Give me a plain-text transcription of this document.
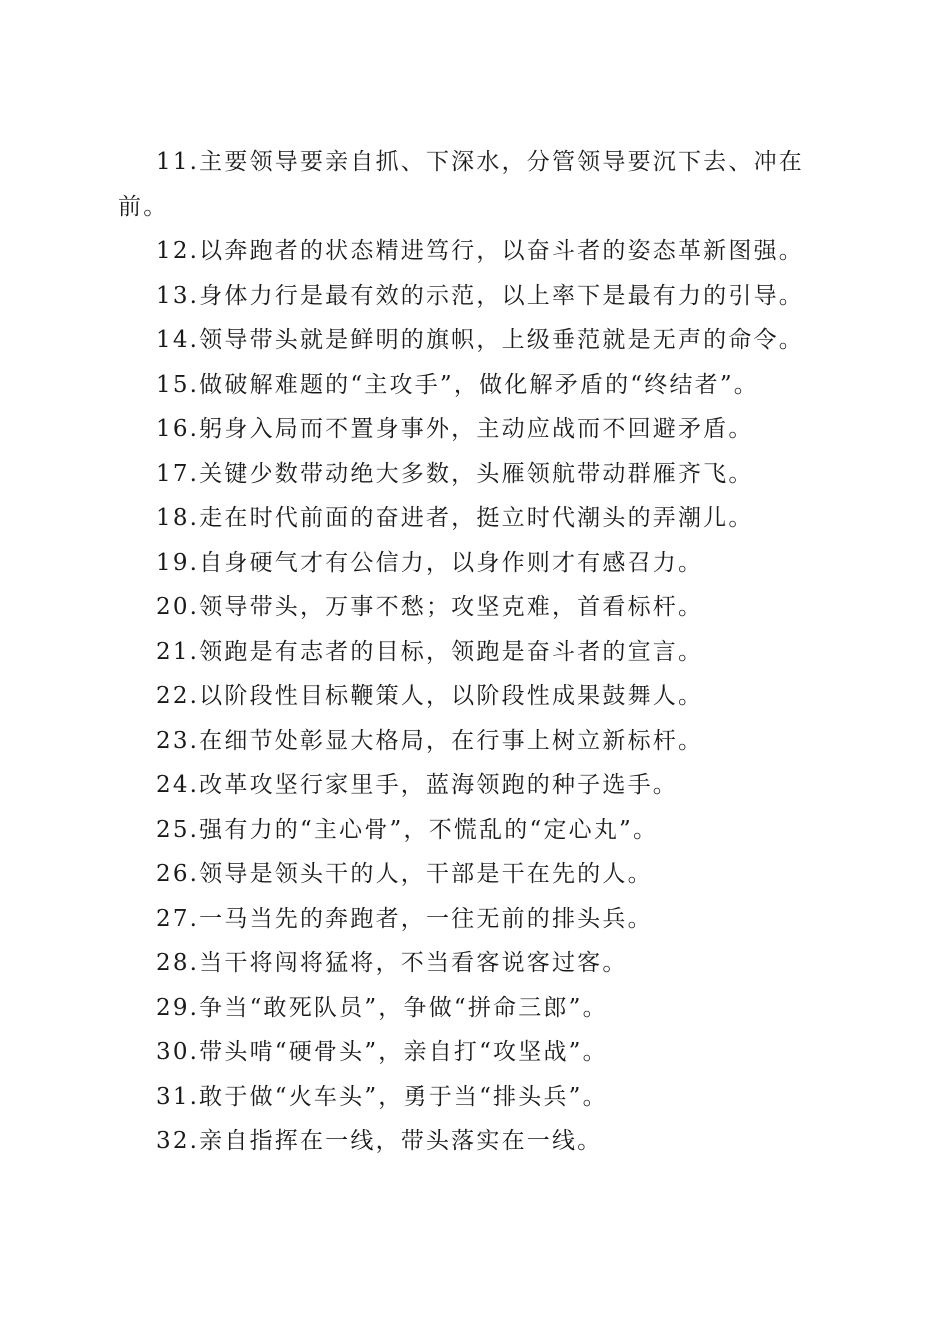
11.主要领导要亲自抓、下深水，分管领导要沉下去、冲在前。

12.以奔跑者的状态精进笃行，以奋斗者的姿态革新图强。

13.身体力行是最有效的示范，以上率下是最有力的引导。

14.领导带头就是鲜明的旗帜，上级垂范就是无声的命令。

15.做破解难题的“主攻手”，做化解矛盾的“终结者”。

16.躬身入局而不置身事外，主动应战而不回避矛盾。

17.关键少数带动绝大多数，头雁领航带动群雁齐飞。

18.走在时代前面的奋进者，挺立时代潮头的弄潮儿。

19.自身硬气才有公信力，以身作则才有感召力。

20.领导带头，万事不愁；攻坚克难，首看标杆。

21.领跑是有志者的目标，领跑是奋斗者的宣言。

22.以阶段性目标鞭策人，以阶段性成果鼓舞人。

23.在细节处彰显大格局，在行事上树立新标杆。

24.改革攻坚行家里手，蓝海领跑的种子选手。

25.强有力的“主心骨”，不慌乱的“定心丸”。

26.领导是领头干的人，干部是干在先的人。

27.一马当先的奔跑者，一往无前的排头兵。

28.当干将闯将猛将，不当看客说客过客。

29.争当“敢死队员”，争做“拼命三郎”。

30.带头啃“硬骨头”，亲自打“攻坚战”。

31.敢于做“火车头”，勇于当“排头兵”。

32.亲自指挥在一线，带头落实在一线。
